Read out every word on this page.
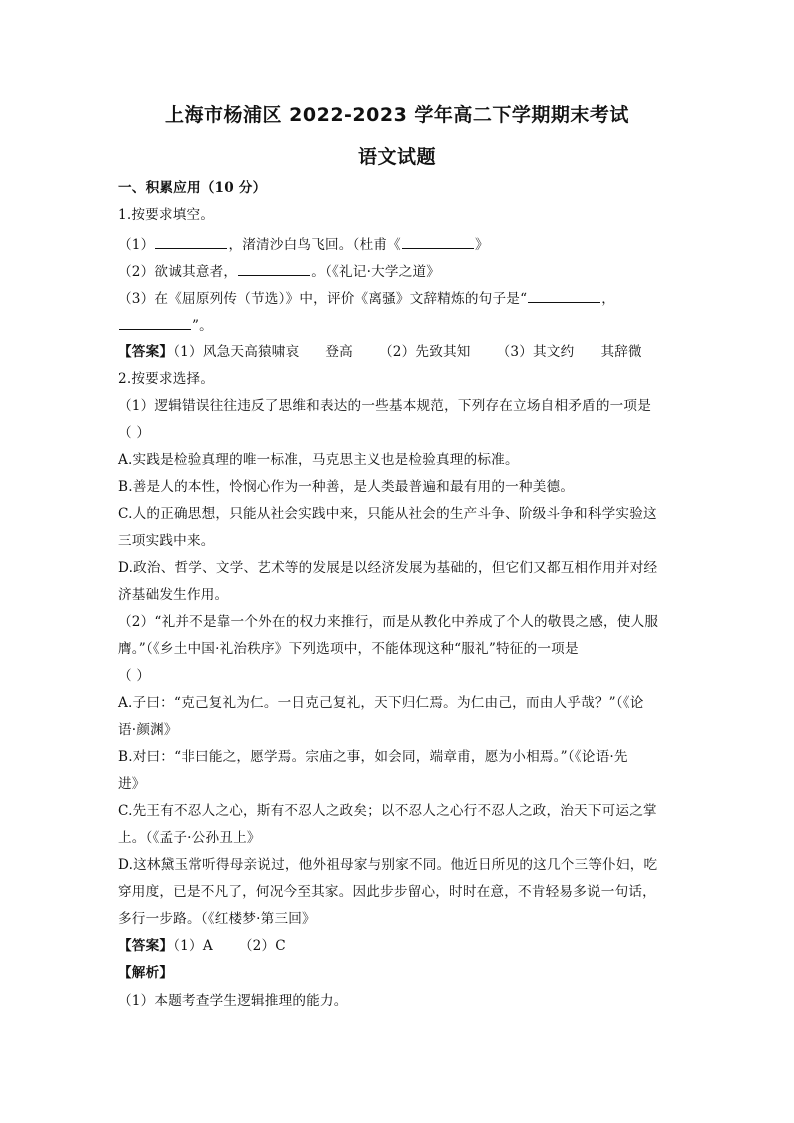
上海市杨浦区 2022-2023 学年高二下学期期末考试
语文试题
一、积累应用（10 分）
1.按要求填空。
（1）	，渚清沙白鸟飞回。（杜甫《	》
（2）欲诚其意者，	。（《礼记·大学之道》
（3）在《屈原列传（节选）》中，评价《离骚》文辞精炼的句子是“	，
”。
【答案】（1）风急天高猿啸哀 登高 （2）先致其知 （3）其文约 其辞微
2.按要求选择。
（1）逻辑错误往往违反了思维和表达的一些基本规范，下列存在立场自相矛盾的一项是
（ ）
A.实践是检验真理的唯一标准，马克思主义也是检验真理的标准。
B.善是人的本性，怜悯心作为一种善，是人类最普遍和最有用的一种美德。
C.人的正确思想，只能从社会实践中来，只能从社会的生产斗争、阶级斗争和科学实验这
三项实践中来。
D.政治、哲学、文学、艺术等的发展是以经济发展为基础的，但它们又都互相作用并对经
济基础发生作用。
（2）“礼并不是靠一个外在的权力来推行，而是从教化中养成了个人的敬畏之感，使人服
膺。”（《乡土中国·礼治秩序》下列选项中，不能体现这种“服礼”特征的一项是
（ ）
A.子曰：“克己复礼为仁。一日克己复礼，天下归仁焉。为仁由己，而由人乎哉？”（《论
语·颜渊》
B.对曰：“非曰能之，愿学焉。宗庙之事，如会同，端章甫，愿为小相焉。”（《论语·先
进》
C.先王有不忍人之心，斯有不忍人之政矣；以不忍人之心行不忍人之政，治天下可运之掌
上。（《孟子·公孙丑上》
D.这林黛玉常听得母亲说过，他外祖母家与别家不同。他近日所见的这几个三等仆妇，吃
穿用度，已是不凡了，何况今至其家。因此步步留心，时时在意，不肯轻易多说一句话，
多行一步路。（《红楼梦·第三回》
【答案】（1）A （2）C
【解析】
（1）本题考查学生逻辑推理的能力。
